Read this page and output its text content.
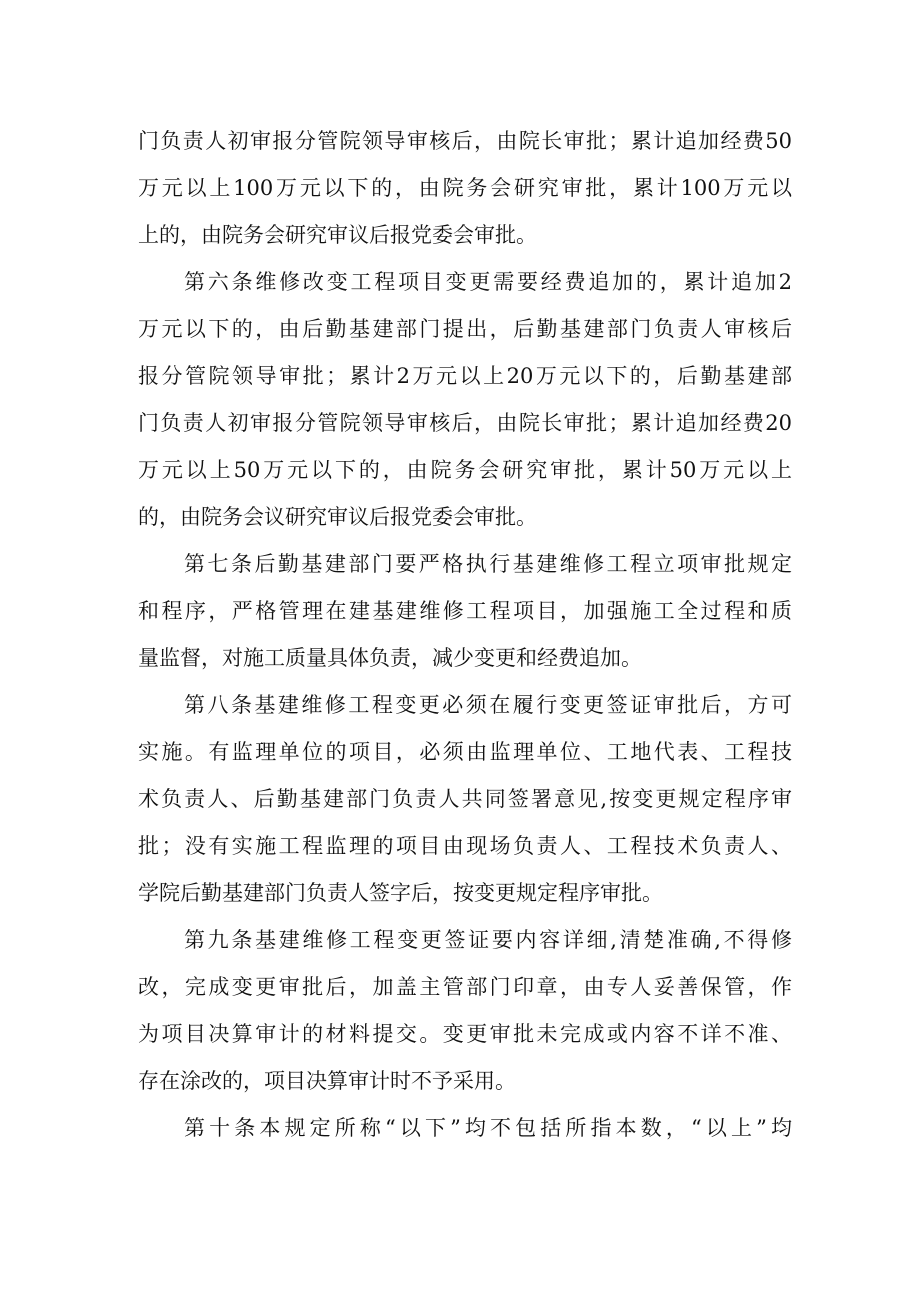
门负责人初审报分管院领导审核后，由院长审批；累计追加经费50
万元以上100万元以下的，由院务会研究审批，累计100万元以
上的，由院务会研究审议后报党委会审批。
第六条维修改变工程项目变更需要经费追加的，累计追加2
万元以下的，由后勤基建部门提出，后勤基建部门负责人审核后
报分管院领导审批；累计2万元以上20万元以下的，后勤基建部
门负责人初审报分管院领导审核后，由院长审批；累计追加经费20
万元以上50万元以下的，由院务会研究审批，累计50万元以上
的，由院务会议研究审议后报党委会审批。
第七条后勤基建部门要严格执行基建维修工程立项审批规定
和程序，严格管理在建基建维修工程项目，加强施工全过程和质
量监督，对施工质量具体负责，减少变更和经费追加。
第八条基建维修工程变更必须在履行变更签证审批后，方可
实施。有监理单位的项目，必须由监理单位、工地代表、工程技
术负责人、后勤基建部门负责人共同签署意见,按变更规定程序审
批；没有实施工程监理的项目由现场负责人、工程技术负责人、
学院后勤基建部门负责人签字后，按变更规定程序审批。
第九条基建维修工程变更签证要内容详细,清楚准确,不得修
改，完成变更审批后，加盖主管部门印章，由专人妥善保管，作
为项目决算审计的材料提交。变更审批未完成或内容不详不准、
存在涂改的，项目决算审计时不予采用。
第十条本规定所称“以下”均不包括所指本数，“以上”均
